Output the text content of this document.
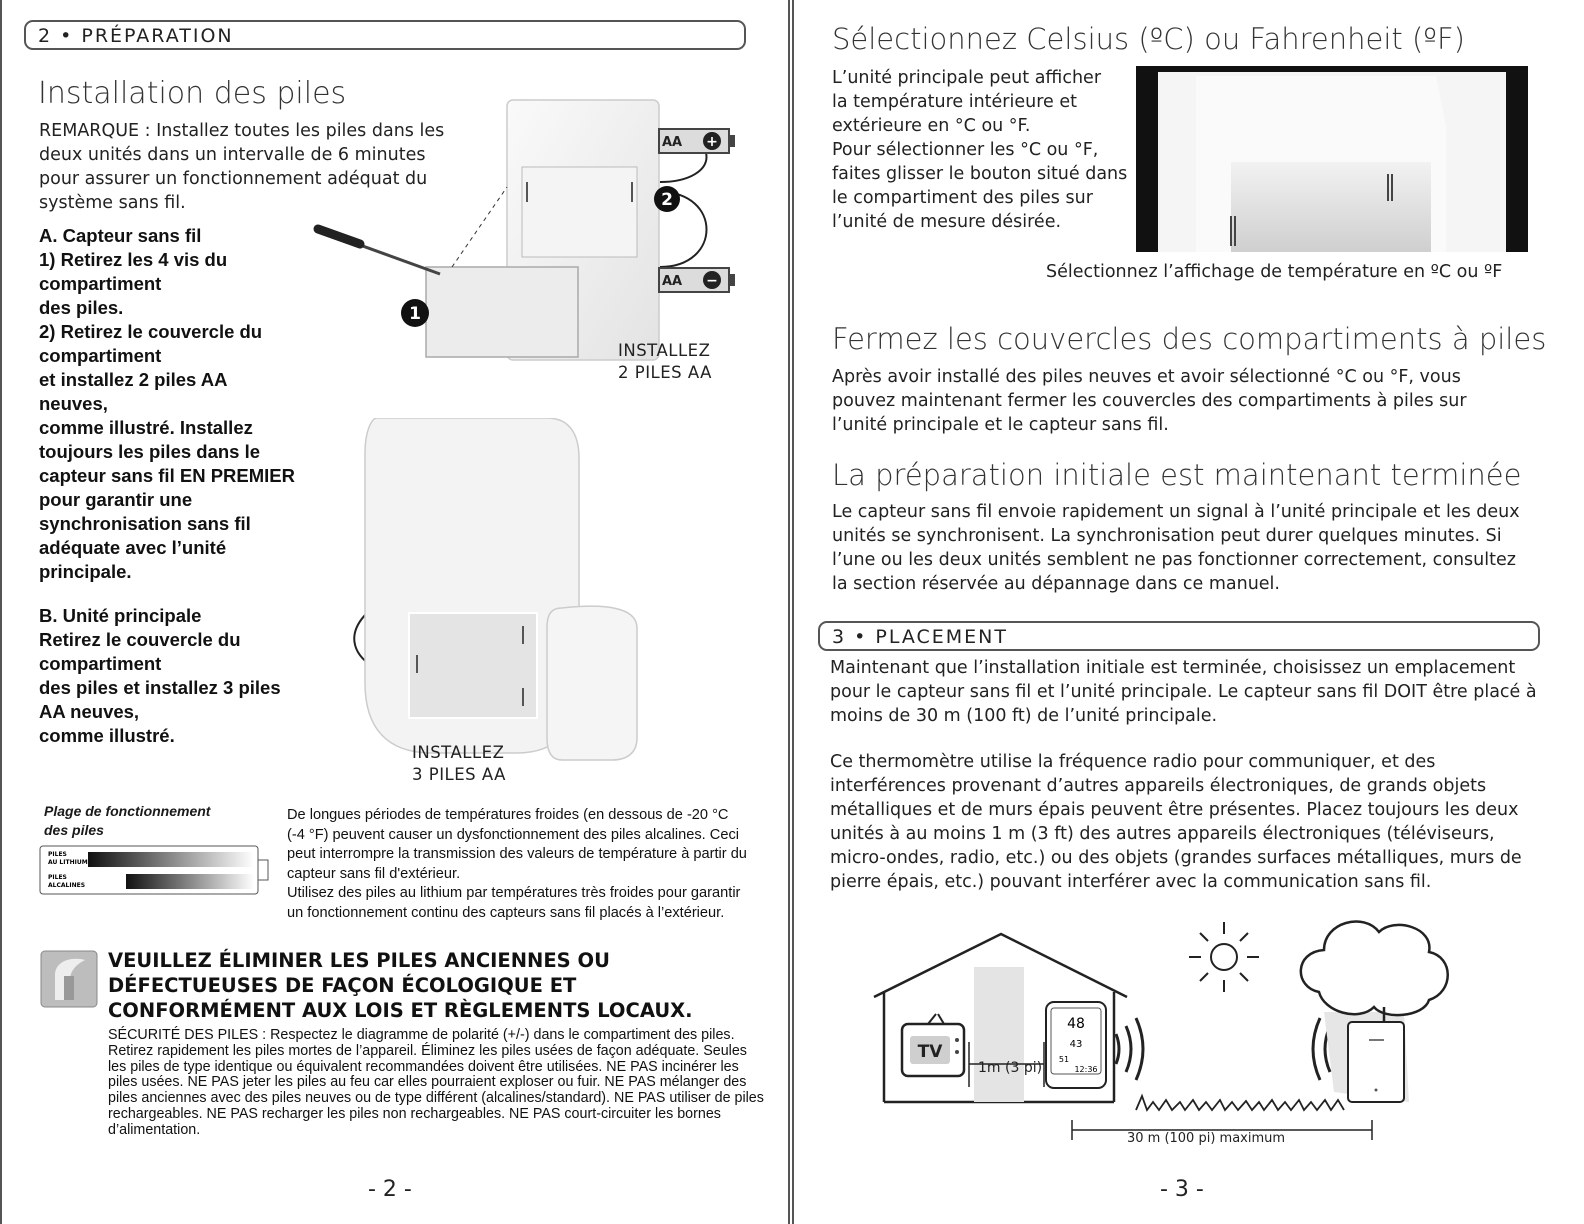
2 • PRÉPARATION
Installation des piles

REMARQUE : Installez toutes les piles dans les deux unités dans un intervalle de 6 minutes pour assurer un fonctionnement adéquat du système sans fil.

A. Capteur sans fil
1) Retirez les 4 vis du
compartiment
des piles.
2) Retirez le couvercle du
compartiment
et installez 2 piles AA
neuves,
comme illustré. Installez
toujours les piles dans le
capteur sans fil EN PREMIER
pour garantir une
synchronisation sans fil
adéquate avec l’unité
principale.
B. Unité principale
Retirez le couvercle du
compartiment
des piles et installez 3 piles
AA neuves,
comme illustré.
+
AA
−
AA
2
1
INSTALLEZ
2 PILES AA
INSTALLEZ
3 PILES AA
Plage de fonctionnement
des piles
PILES
AU LITHIUM
PILES
ALCALINES
De longues périodes de températures froides (en dessous de -20 °C (-4 °F) peuvent causer un dysfonctionnement des piles alcalines. Ceci peut interrompre la transmission des valeurs de température à partir du capteur sans fil d'extérieur.
Utilisez des piles au lithium par températures très froides pour garantir un fonctionnement continu des capteurs sans fil placés à l’extérieur.
VEUILLEZ ÉLIMINER LES PILES ANCIENNES OU DÉFECTUEUSES DE FAÇON ÉCOLOGIQUE ET CONFORMÉMENT AUX LOIS ET RÈGLEMENTS LOCAUX.
SÉCURITÉ DES PILES : Respectez le diagramme de polarité (+/-) dans le compartiment des piles. Retirez rapidement les piles mortes de l’appareil. Éliminez les piles usées de façon adéquate. Seules les piles de type identique ou équivalent recommandées doivent être utilisées. NE PAS incinérer les piles usées. NE PAS jeter les piles au feu car elles pourraient exploser ou fuir. NE PAS mélanger des piles anciennes avec des piles neuves ou de type différent (alcalines/standard). NE PAS utiliser de piles rechargeables. NE PAS recharger les piles non rechargeables. NE PAS court-circuiter les bornes d’alimentation.
- 2 -
Sélectionnez Celsius (ºC) ou Fahrenheit (ºF)
L’unité principale peut afficher
la température intérieure et
extérieure en °C ou °F.
Pour sélectionner les °C ou °F,
faites glisser le bouton situé dans
le compartiment des piles sur
l’unité de mesure désirée.
Sélectionnez l’affichage de température en ºC ou ºF
Fermez les couvercles des compartiments à piles

Après avoir installé des piles neuves et avoir sélectionné °C ou °F, vous pouvez maintenant fermer les couvercles des compartiments à piles sur l’unité principale et le capteur sans fil.

La préparation initiale est maintenant terminée

Le capteur sans fil envoie rapidement un signal à l’unité principale et les deux unités se synchronisent. La synchronisation peut durer quelques minutes. Si l’une ou les deux unités semblent ne pas fonctionner correctement, consultez la section réservée au dépannage dans ce manuel.

3 • PLACEMENT

Maintenant que l’installation initiale est terminée, choisissez un emplacement pour le capteur sans fil et l’unité principale. Le capteur sans fil DOIT être placé à moins de 30 m (100 ft) de l’unité principale.

Ce thermomètre utilise la fréquence radio pour communiquer, et des interférences provenant d’autres appareils électroniques, de grands objets métalliques et de murs épais peuvent être présentes. Placez toujours les deux unités à au moins 1 m (3 ft) des autres appareils électroniques (téléviseurs, micro-ondes, radio, etc.) ou des objets (grandes surfaces métalliques, murs de pierre épais, etc.) pouvant interférer avec la communication sans fil.

TV
1m (3 pi)
48
43
51
12:36
30 m (100 pi) maximum
- 3 -
